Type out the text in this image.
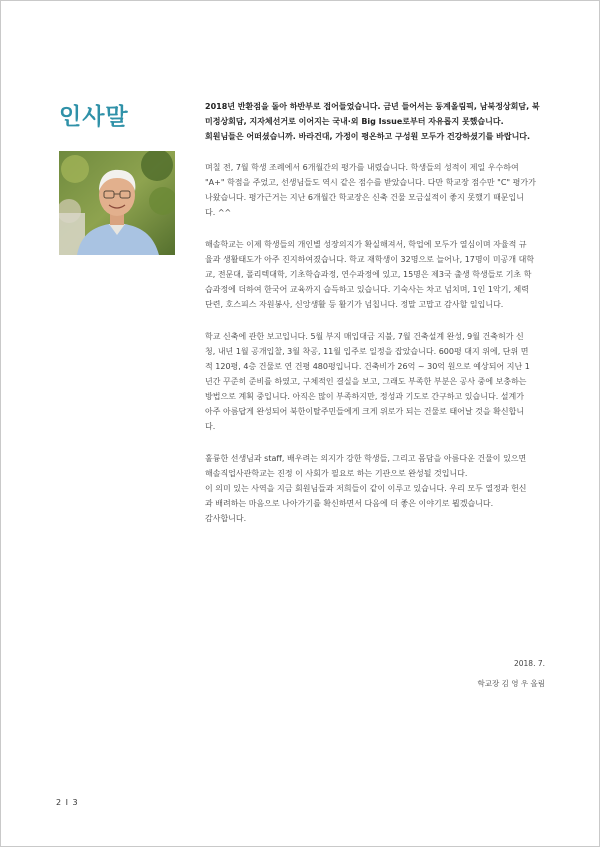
인사말	2018년 반환점을 돌아 하반부로 접어들었습니다. 금년 들어서는 동계올림픽, 남북정상회담, 북
미정상회담, 지자체선거로 이어지는 국내·외 Big Issue로부터 자유롭지 못했습니다.
회원님들은 어떠셨습니까. 바라건대, 가정이 평온하고 구성원 모두가 건강하셨기를 바랍니다.

며칠 전, 7월 학생 조례에서 6개월간의 평가를 내렸습니다. 학생들의 성적이 제일 우수하여
"A+" 학점을 주었고, 선생님들도 역시 같은 점수를 받았습니다. 다만 학교장 점수만 "C" 평가가
나왔습니다. 평가근거는 지난 6개월간 학교장은 신축 건물 모금실적이 좋지 못했기 때문입니
다. ^^

해솔학교는 이제 학생들의 개인별 성장의지가 확실해져서, 학업에 모두가 열심이며 자율적 규
율과 생활태도가 아주 진지하여졌습니다. 학교 재학생이 32명으로 늘어나, 17명이 미공개 대학
교, 전문대, 폴리텍대학, 기초학습과정, 연수과정에 있고, 15명은 제3국 출생 학생들로 기초 학
습과정에 더하여 한국어 교육까지 습득하고 있습니다. 기숙사는 차고 넘치며, 1인 1악기, 체력
단련, 호스피스 자원봉사, 신앙생활 등 활기가 넘칩니다. 정말 고맙고 감사할 일입니다.

학교 신축에 관한 보고입니다. 5월 부지 매입대금 지불, 7월 건축설계 완성, 9월 건축허가 신
청, 내년 1월 공개입찰, 3월 착공, 11월 입주로 일정을 잡았습니다. 600평 대지 위에, 단위 면
적 120평, 4층 건물로 연 건평 480평입니다. 건축비가 26억 ~ 30억 원으로 예상되어 지난 1
년간 꾸준히 준비를 하였고, 구체적인 결실을 보고, 그래도 부족한 부분은 공사 중에 보충하는
방법으로 계획 중입니다. 아직은 많이 부족하지만, 정성과 기도로 간구하고 있습니다. 설계가
아주 아름답게 완성되어 북한이탈주민들에게 크게 위로가 되는 건물로 태어날 것을 확신합니
다.

훌륭한 선생님과 staff, 배우려는 의지가 강한 학생들, 그리고 몸담을 아름다운 건물이 있으면
해솔직업사관학교는 진정 이 사회가 필요로 하는 기관으로 완성될 것입니다.
이 의미 있는 사역을 지금 회원님들과 저희들이 같이 이루고 있습니다. 우리 모두 열정과 헌신
과 배려하는 마음으로 나아가기를 확신하면서 다음에 더 좋은 이야기로 뵙겠습니다.
감사합니다.

2018. 7.
학교장 김 영 우 올림
2 I 3
